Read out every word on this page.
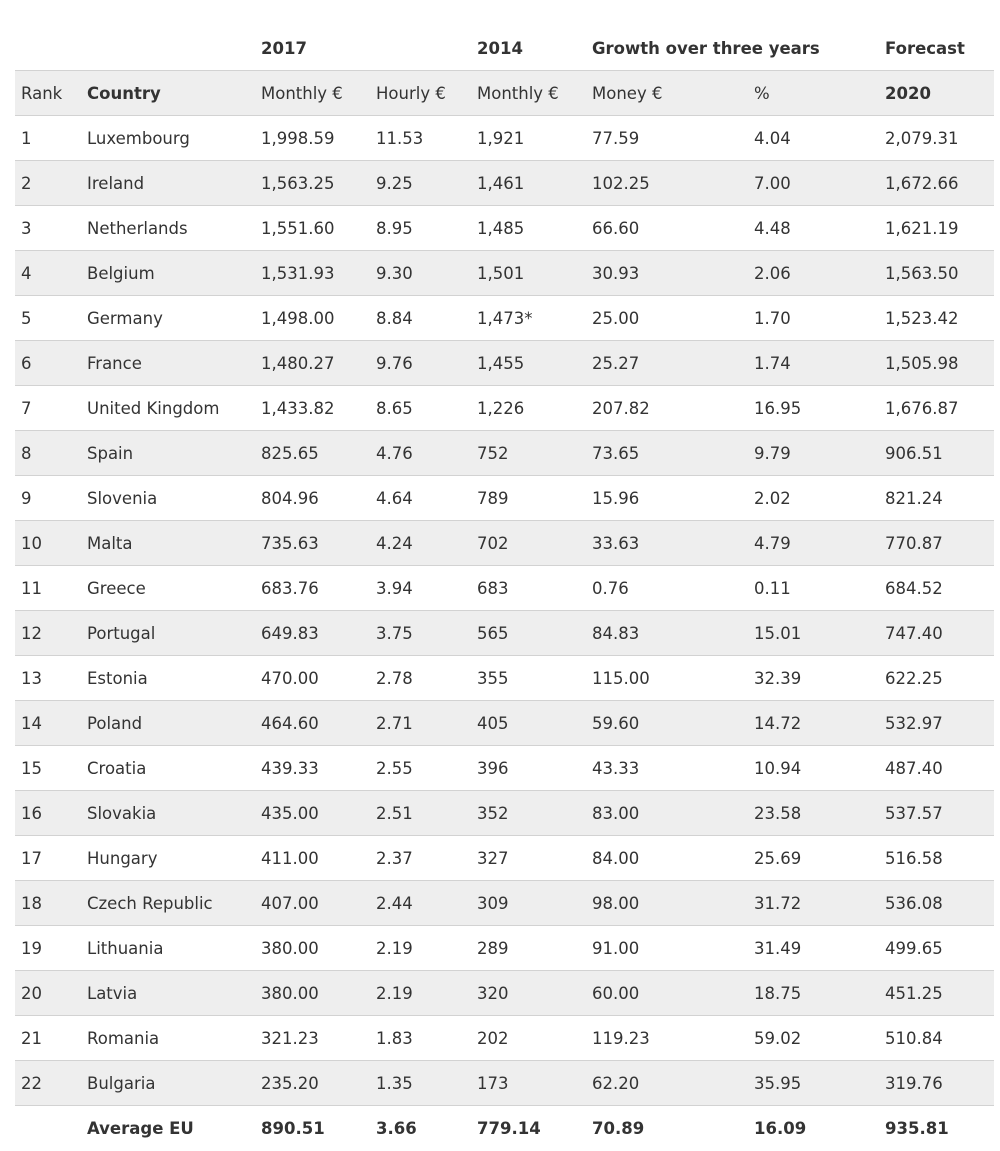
		2017		2014	Growth over three years		Forecast
Rank	Country	Monthly €	Hourly €	Monthly €	Money €	%	2020
1	Luxembourg	1,998.59	11.53	1,921	77.59	4.04	2,079.31
2	Ireland	1,563.25	9.25	1,461	102.25	7.00	1,672.66
3	Netherlands	1,551.60	8.95	1,485	66.60	4.48	1,621.19
4	Belgium	1,531.93	9.30	1,501	30.93	2.06	1,563.50
5	Germany	1,498.00	8.84	1,473*	25.00	1.70	1,523.42
6	France	1,480.27	9.76	1,455	25.27	1.74	1,505.98
7	United Kingdom	1,433.82	8.65	1,226	207.82	16.95	1,676.87
8	Spain	825.65	4.76	752	73.65	9.79	906.51
9	Slovenia	804.96	4.64	789	15.96	2.02	821.24
10	Malta	735.63	4.24	702	33.63	4.79	770.87
11	Greece	683.76	3.94	683	0.76	0.11	684.52
12	Portugal	649.83	3.75	565	84.83	15.01	747.40
13	Estonia	470.00	2.78	355	115.00	32.39	622.25
14	Poland	464.60	2.71	405	59.60	14.72	532.97
15	Croatia	439.33	2.55	396	43.33	10.94	487.40
16	Slovakia	435.00	2.51	352	83.00	23.58	537.57
17	Hungary	411.00	2.37	327	84.00	25.69	516.58
18	Czech Republic	407.00	2.44	309	98.00	31.72	536.08
19	Lithuania	380.00	2.19	289	91.00	31.49	499.65
20	Latvia	380.00	2.19	320	60.00	18.75	451.25
21	Romania	321.23	1.83	202	119.23	59.02	510.84
22	Bulgaria	235.20	1.35	173	62.20	35.95	319.76
	Average EU	890.51	3.66	779.14	70.89	16.09	935.81
